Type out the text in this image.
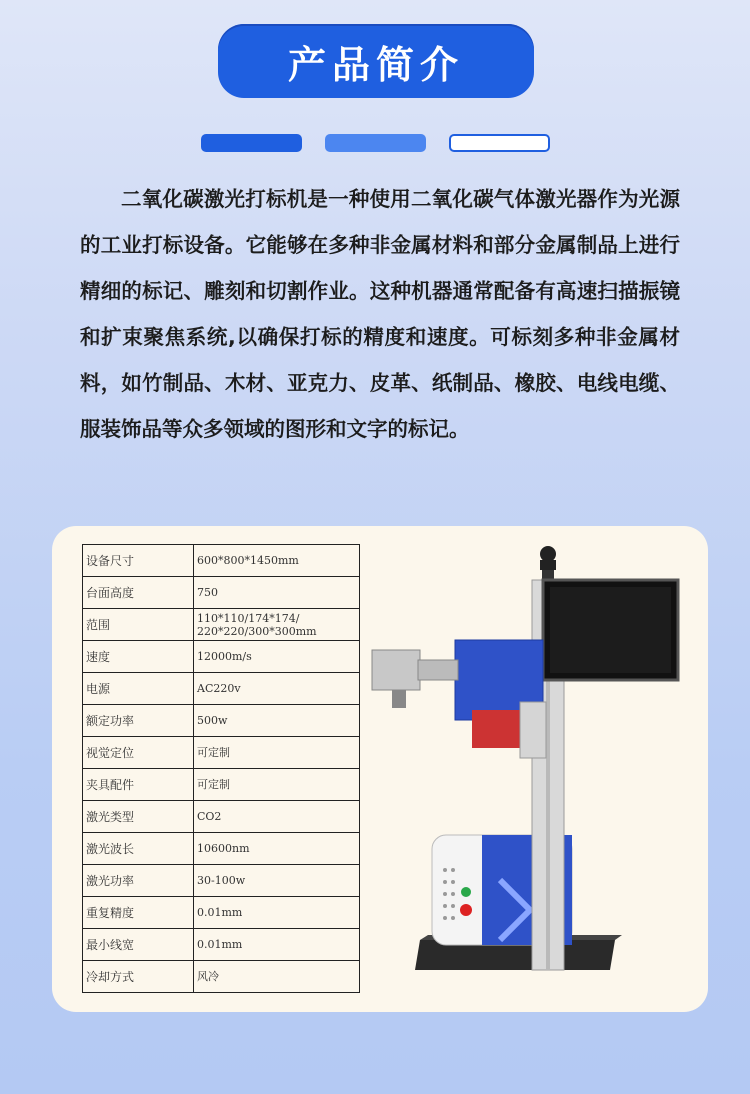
产品简介

二氧化碳激光打标机是一种使用二氧化碳气体激光器作为光源的工业打标设备。它能够在多种非金属材料和部分金属制品上进行精细的标记、雕刻和切割作业。这种机器通常配备有高速扫描振镜和扩束聚焦系统,以确保打标的精度和速度。可标刻多种非金属材料，如竹制品、木材、亚克力、皮革、纸制品、橡胶、电线电缆、服装饰品等众多领域的图形和文字的标记。

设备尺寸	600*800*1450mm
台面高度	750
范围	110*110/174*174/
220*220/300*300mm
速度	12000m/s
电源	AC220v
额定功率	500w
视觉定位	可定制
夹具配件	可定制
激光类型	CO2
激光波长	10600nm
激光功率	30-100w
重复精度	0.01mm
最小线宽	0.01mm
冷却方式	风冷
